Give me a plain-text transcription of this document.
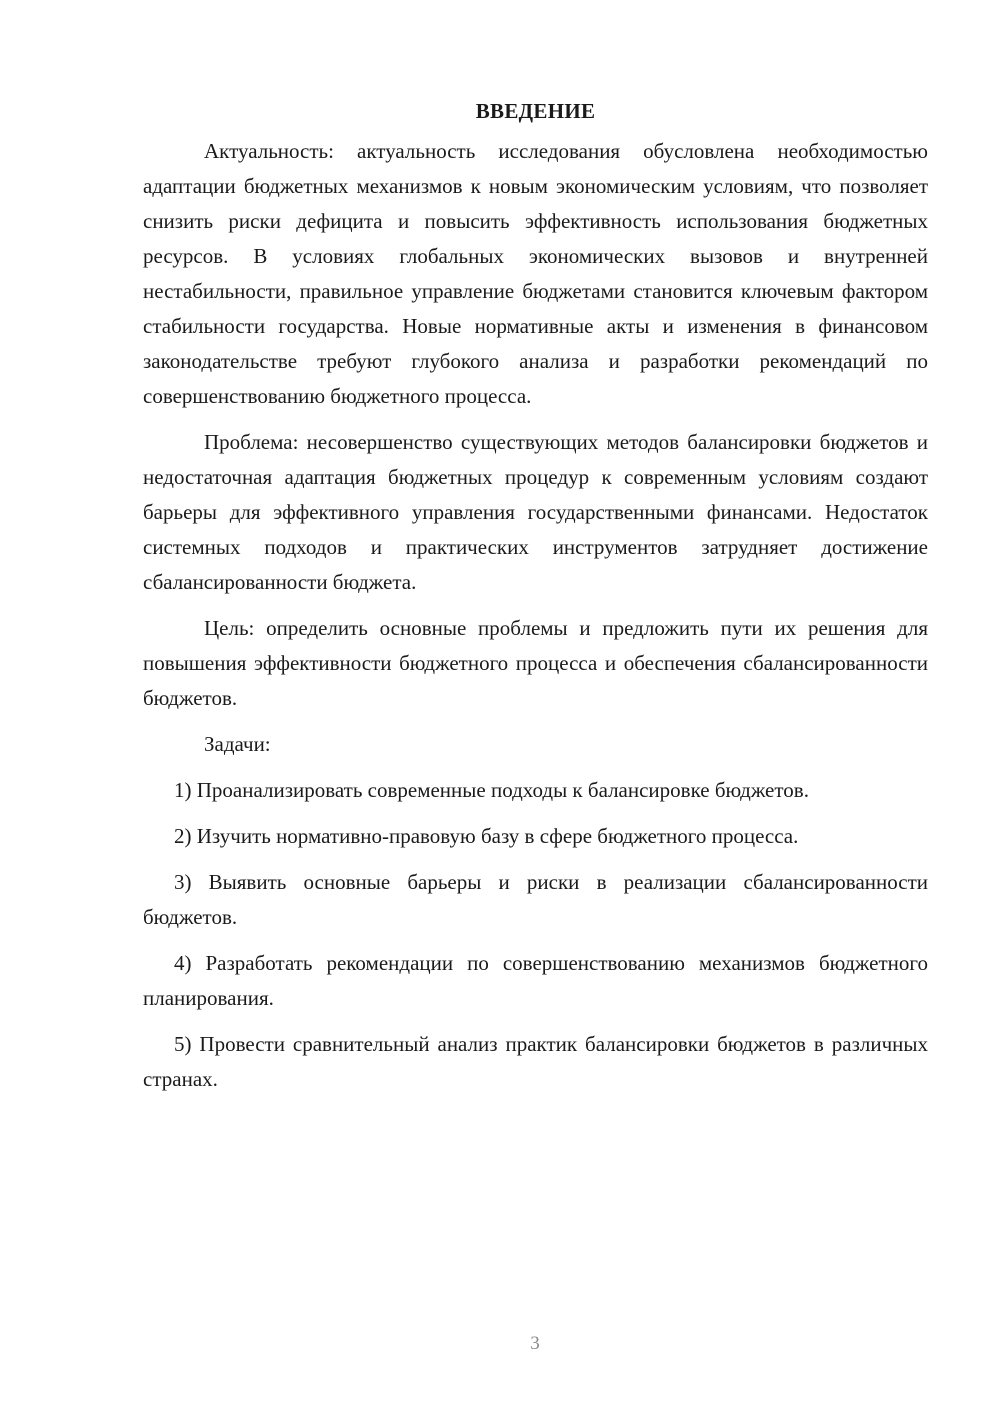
ВВЕДЕНИЕ

Актуальность: актуальность исследования обусловлена необходимостью адаптации бюджетных механизмов к новым экономическим условиям, что позволяет снизить риски дефицита и повысить эффективность использования бюджетных ресурсов. В условиях глобальных экономических вызовов и внутренней нестабильности, правильное управление бюджетами становится ключевым фактором стабильности государства. Новые нормативные акты и изменения в финансовом законодательстве требуют глубокого анализа и разработки рекомендаций по совершенствованию бюджетного процесса.

Проблема: несовершенство существующих методов балансировки бюджетов и недостаточная адаптация бюджетных процедур к современным условиям создают барьеры для эффективного управления государственными финансами. Недостаток системных подходов и практических инструментов затрудняет достижение сбалансированности бюджета.

Цель: определить основные проблемы и предложить пути их решения для повышения эффективности бюджетного процесса и обеспечения сбалансированности бюджетов.

Задачи:

1) Проанализировать современные подходы к балансировке бюджетов.

2) Изучить нормативно-правовую базу в сфере бюджетного процесса.

3) Выявить основные барьеры и риски в реализации сбалансированности бюджетов.

4) Разработать рекомендации по совершенствованию механизмов бюджетного планирования.

5) Провести сравнительный анализ практик балансировки бюджетов в различных странах.

3
